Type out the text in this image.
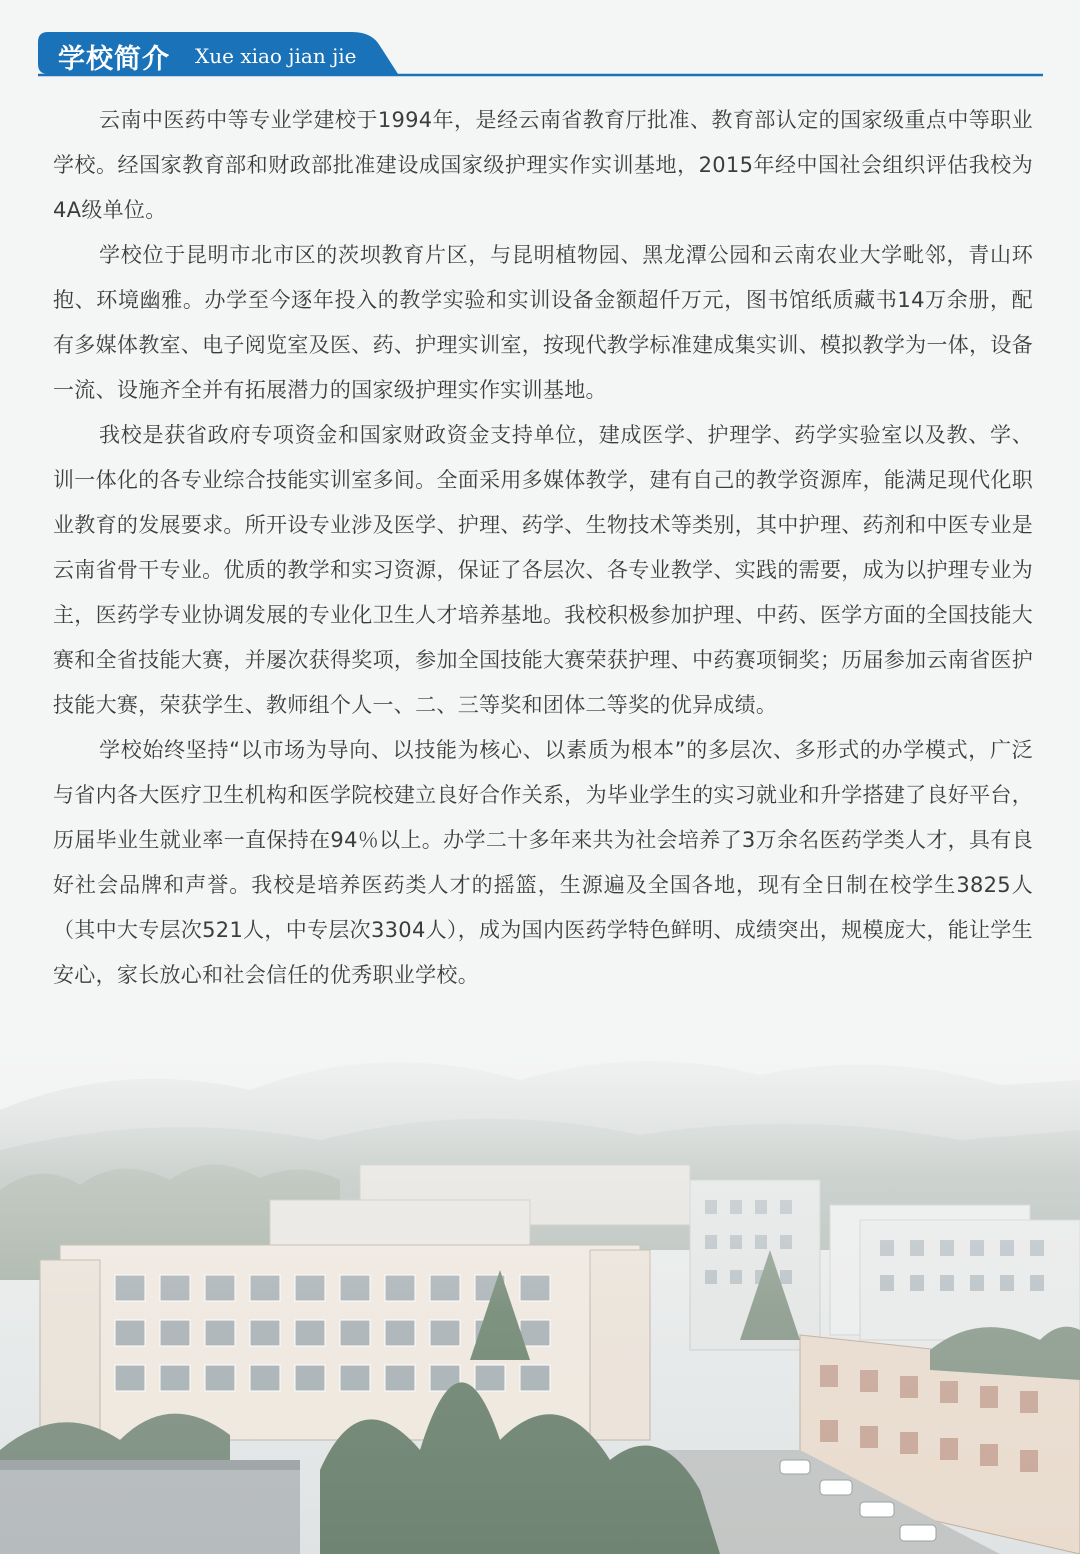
学校简介 Xue xiao jian jie

云南中医药中等专业学建校于1994年，是经云南省教育厅批准、教育部认定的国家级重点中等职业学校。经国家教育部和财政部批准建设成国家级护理实作实训基地，2015年经中国社会组织评估我校为4A级单位。

学校位于昆明市北市区的茨坝教育片区，与昆明植物园、黑龙潭公园和云南农业大学毗邻，青山环抱、环境幽雅。办学至今逐年投入的教学实验和实训设备金额超仟万元，图书馆纸质藏书14万余册，配有多媒体教室、电子阅览室及医、药、护理实训室，按现代教学标准建成集实训、模拟教学为一体，设备一流、设施齐全并有拓展潜力的国家级护理实作实训基地。

我校是获省政府专项资金和国家财政资金支持单位，建成医学、护理学、药学实验室以及教、学、训一体化的各专业综合技能实训室多间。全面采用多媒体教学，建有自己的教学资源库，能满足现代化职业教育的发展要求。所开设专业涉及医学、护理、药学、生物技术等类别，其中护理、药剂和中医专业是云南省骨干专业。优质的教学和实习资源，保证了各层次、各专业教学、实践的需要，成为以护理专业为主，医药学专业协调发展的专业化卫生人才培养基地。我校积极参加护理、中药、医学方面的全国技能大赛和全省技能大赛，并屡次获得奖项，参加全国技能大赛荣获护理、中药赛项铜奖；历届参加云南省医护技能大赛，荣获学生、教师组个人一、二、三等奖和团体二等奖的优异成绩。

学校始终坚持“以市场为导向、以技能为核心、以素质为根本”的多层次、多形式的办学模式，广泛与省内各大医疗卫生机构和医学院校建立良好合作关系，为毕业学生的实习就业和升学搭建了良好平台，历届毕业生就业率一直保持在94％以上。办学二十多年来共为社会培养了3万余名医药学类人才，具有良好社会品牌和声誉。我校是培养医药类人才的摇篮，生源遍及全国各地，现有全日制在校学生3825人（其中大专层次521人，中专层次3304人），成为国内医药学特色鲜明、成绩突出，规模庞大，能让学生安心，家长放心和社会信任的优秀职业学校。
